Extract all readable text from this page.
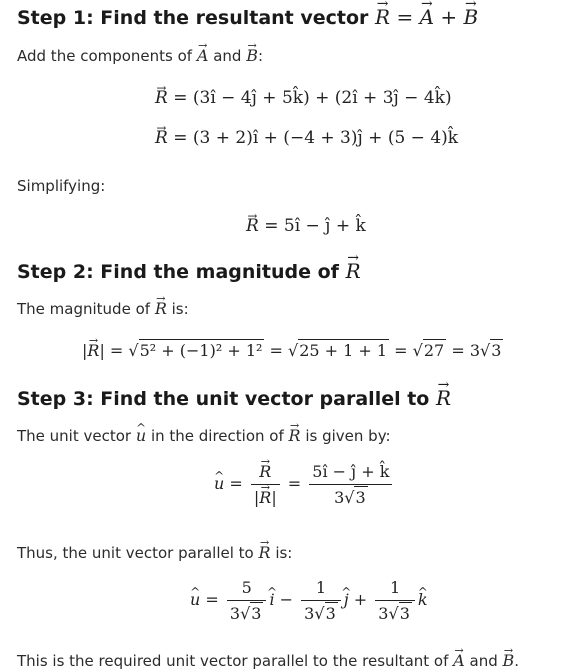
Step 1: Find the resultant vector → R = → A + → B
Add the components of → A and → B:
→ R = (3î − 4ĵ + 5k̂) + (2î + 3ĵ − 4k̂)
→ R = (3 + 2)î + (−4 + 3)ĵ + (5 − 4)k̂
Simplifying:
→ R = 5î − ĵ + k̂
Step 2: Find the magnitude of → R
The magnitude of → R is:
|→ R| = √5² + (−1)² + 1² = √25 + 1 + 1 = √27 = 3√3
Step 3: Find the unit vector parallel to → R
The unit vector ^ u in the direction of → R is given by:
^ u = → $\frac{R}{|\to R|} = \frac{5î - ĵ + k̂}{3√3}$
Thus, the unit vector parallel to → R is:
^ $u = \frac{5}{3√3}$ ^ $i - \frac{1}{3√3}$ ^ $j + \frac{1}{3√3}$ ^ k
This is the required unit vector parallel to the resultant of → A and → B.
